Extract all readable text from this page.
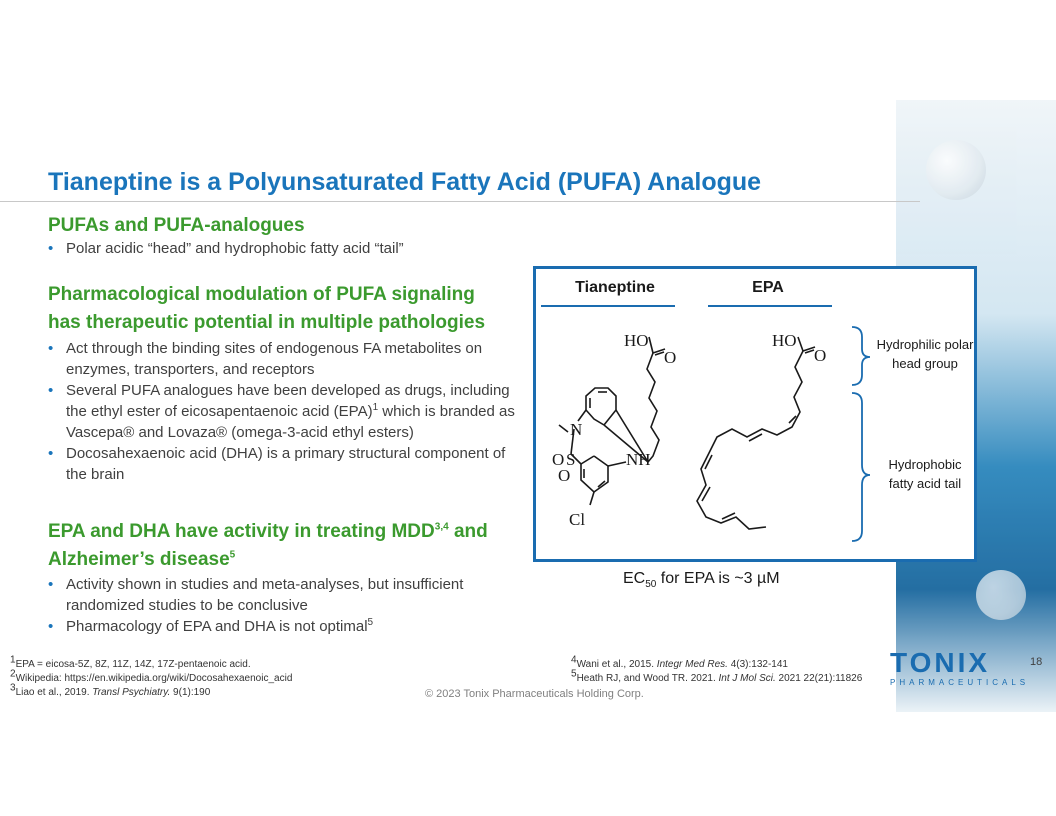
Tianeptine is a Polyunsaturated Fatty Acid (PUFA) Analogue
PUFAs and PUFA-analogues
• Polar acidic “head” and hydrophobic fatty acid “tail”
Pharmacological modulation of PUFA signaling
has therapeutic potential in multiple pathologies
• Act through the binding sites of endogenous FA metabolites on enzymes, transporters, and receptors
• Several PUFA analogues have been developed as drugs, including the ethyl ester of eicosapentaenoic acid (EPA)$^1$ which is branded as Vascepa® and Lovaza® (omega-3-acid ethyl esters)
• Docosahexaenoic acid (DHA) is a primary structural component of the brain
EPA and DHA have activity in treating MDD$^{3,4}$ and
Alzheimer’s disease$^5$
• Activity shown in studies and meta-analyses, but insufficient randomized studies to be conclusive
• Pharmacology of EPA and DHA is not optimal$^5$
Tianeptine	EPA
HO
O
N
O S
O
NH
Cl
HO
O
Hydrophilic polar
head group
Hydrophobic
fatty acid tail
$EC_{50}$ for EPA is ~3 µM
$^1$EPA = eicosa-5Z, 8Z, 11Z, 14Z, 17Z-pentaenoic acid.
$^2$Wikipedia: https://en.wikipedia.org/wiki/Docosahexaenoic_acid
$^3$Liao et al., 2019. Transl Psychiatry. 9(1):190
$^4$Wani et al., 2015. Integr Med Res. 4(3):132-141
$^5$Heath RJ, and Wood TR. 2021. Int J Mol Sci. 2021 22(21):11826
© 2023 Tonix Pharmaceuticals Holding Corp.
TONIX
PHARMACEUTICALS
18
